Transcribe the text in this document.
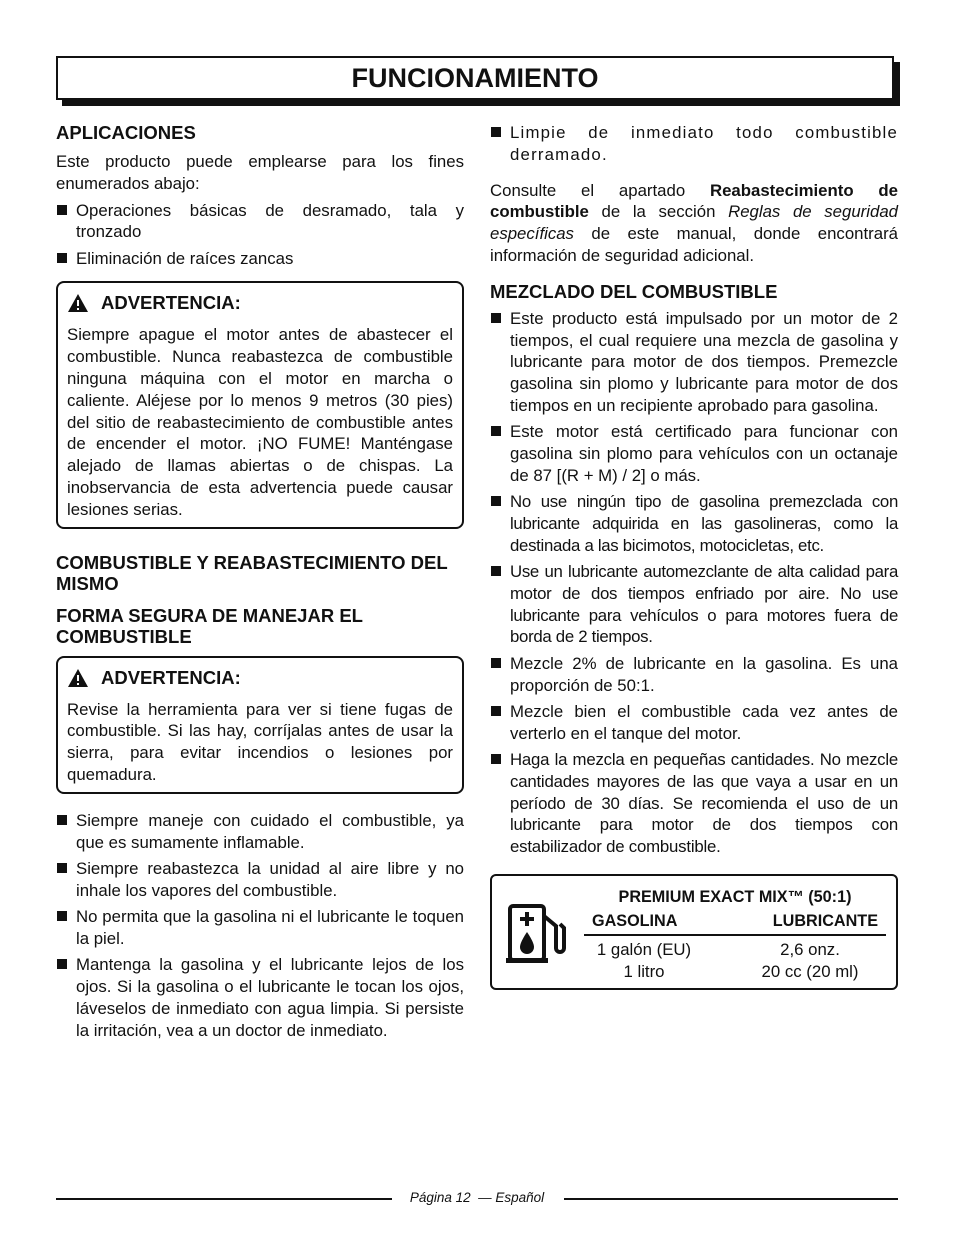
FUNCIONAMIENTO
APLICACIONES

Este producto puede emplearse para los fines enumerados abajo:

Operaciones básicas de desramado, tala y tronzado
Eliminación de raíces zancas
ADVERTENCIA:

Siempre apague el motor antes de abastecer el combustible. Nunca reabastezca de combustible ninguna máquina con el motor en marcha o caliente. Aléjese por lo menos 9 metros (30 pies) del sitio de reabastecimiento de combustible antes de encender el motor. ¡NO FUME! Manténgase alejado de llamas abiertas o de chispas. La inobservancia de esta advertencia puede causar lesiones serias.

COMBUSTIBLE Y REABASTECIMIENTO DEL MISMO
FORMA SEGURA DE MANEJAR EL COMBUSTIBLE
ADVERTENCIA:

Revise la herramienta para ver si tiene fugas de combustible. Si las hay, corríjalas antes de usar la sierra, para evitar incendios o lesiones por quemadura.

Siempre maneje con cuidado el combustible, ya que es sumamente inflamable.
Siempre reabastezca la unidad al aire libre y no inhale los vapores del combustible.
No permita que la gasolina ni el lubricante le toquen la piel.
Mantenga la gasolina y el lubricante lejos de los ojos. Si la gasolina o el lubricante le tocan los ojos, láveselos de inmediato con agua limpia. Si persiste la irritación, vea a un doctor de inmediato.
Limpie de inmediato todo combustible derramado.

Consulte el apartado Reabastecimiento de combustible de la sección Reglas de seguridad específicas de este manual, donde encontrará información de seguridad adicional.

MEZCLADO DEL COMBUSTIBLE
Este producto está impulsado por un motor de 2 tiempos, el cual requiere una mezcla de gasolina y lubricante para motor de dos tiempos. Premezcle gasolina sin plomo y lubricante para motor de dos tiempos en un recipiente aprobado para gasolina.
Este motor está certificado para funcionar con gasolina sin plomo para vehículos con un octanaje de 87 [(R + M) / 2] o más.
No use ningún tipo de gasolina premezclada con lubricante adquirida en las gasolineras, como la destinada a las bicimotos, motocicletas, etc.
Use un lubricante automezclante de alta calidad para motor de dos tiempos enfriado por aire. No use lubricante para vehículos o para motores fuera de borda de 2 tiempos.
Mezcle 2% de lubricante en la gasolina. Es una proporción de 50:1.
Mezcle bien el combustible cada vez antes de verterlo en el tanque del motor.
Haga la mezcla en pequeñas cantidades. No mezcle cantidades mayores de las que vaya a usar en un período de 30 días. Se recomienda el uso de un lubricante para motor de dos tiempos con estabilizador de combustible.
PREMIUM EXACT MIX™ (50:1)
GASOLINA	LUBRICANTE
1 galón (EU)	2,6 onz.
1 litro	20 cc (20 ml)
Página 12  — Español
